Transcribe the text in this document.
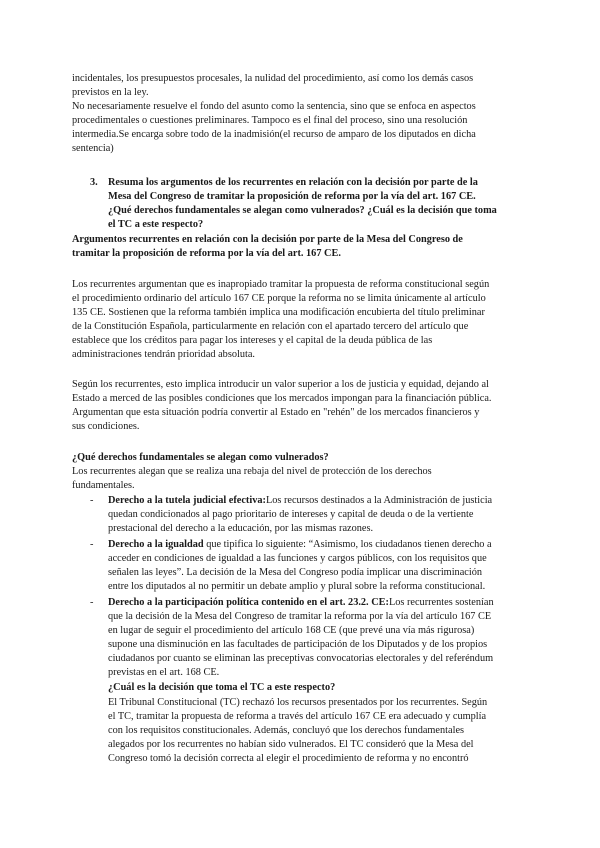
incidentales, los presupuestos procesales, la nulidad del procedimiento, así como los demás casos
previstos en la ley.
No necesariamente resuelve el fondo del asunto como la sentencia, sino que se enfoca en aspectos
procedimentales o cuestiones preliminares. Tampoco es el final del proceso, sino una resolución
intermedia.Se encarga sobre todo de la inadmisión(el recurso de amparo de los diputados en dicha
sentencia)
3. Resuma los argumentos de los recurrentes en relación con la decisión por parte de la
Mesa del Congreso de tramitar la proposición de reforma por la vía del art. 167 CE.
¿Qué derechos fundamentales se alegan como vulnerados? ¿Cuál es la decisión que toma
el TC a este respecto?
Argumentos recurrentes en relación con la decisión por parte de la Mesa del Congreso de
tramitar la proposición de reforma por la vía del art. 167 CE.
Los recurrentes argumentan que es inapropiado tramitar la propuesta de reforma constitucional según
el procedimiento ordinario del artículo 167 CE porque la reforma no se limita únicamente al artículo
135 CE. Sostienen que la reforma también implica una modificación encubierta del título preliminar
de la Constitución Española, particularmente en relación con el apartado tercero del artículo que
establece que los créditos para pagar los intereses y el capital de la deuda pública de las
administraciones tendrán prioridad absoluta.
Según los recurrentes, esto implica introducir un valor superior a los de justicia y equidad, dejando al
Estado a merced de las posibles condiciones que los mercados impongan para la financiación pública.
Argumentan que esta situación podría convertir al Estado en "rehén" de los mercados financieros y
sus condiciones.
¿Qué derechos fundamentales se alegan como vulnerados?
Los recurrentes alegan que se realiza una rebaja del nivel de protección de los derechos
fundamentales.
- Derecho a la tutela judicial efectiva:Los recursos destinados a la Administración de justicia
quedan condicionados al pago prioritario de intereses y capital de deuda o de la vertiente
prestacional del derecho a la educación, por las mismas razones.
- Derecho a la igualdad que tipifica lo siguiente: “Asimismo, los ciudadanos tienen derecho a
acceder en condiciones de igualdad a las funciones y cargos públicos, con los requisitos que
señalen las leyes”. La decisión de la Mesa del Congreso podía implicar una discriminación
entre los diputados al no permitir un debate amplio y plural sobre la reforma constitucional.
- Derecho a la participación política contenido en el art. 23.2. CE:Los recurrentes sostenían
que la decisión de la Mesa del Congreso de tramitar la reforma por la vía del artículo 167 CE
en lugar de seguir el procedimiento del artículo 168 CE (que prevé una vía más rigurosa)
supone una disminución en las facultades de participación de los Diputados y de los propios
ciudadanos por cuanto se eliminan las preceptivas convocatorias electorales y del referéndum
previstas en el art. 168 CE.
¿Cuál es la decisión que toma el TC a este respecto?
El Tribunal Constitucional (TC) rechazó los recursos presentados por los recurrentes. Según
el TC, tramitar la propuesta de reforma a través del artículo 167 CE era adecuado y cumplía
con los requisitos constitucionales. Además, concluyó que los derechos fundamentales
alegados por los recurrentes no habían sido vulnerados. El TC consideró que la Mesa del
Congreso tomó la decisión correcta al elegir el procedimiento de reforma y no encontró
